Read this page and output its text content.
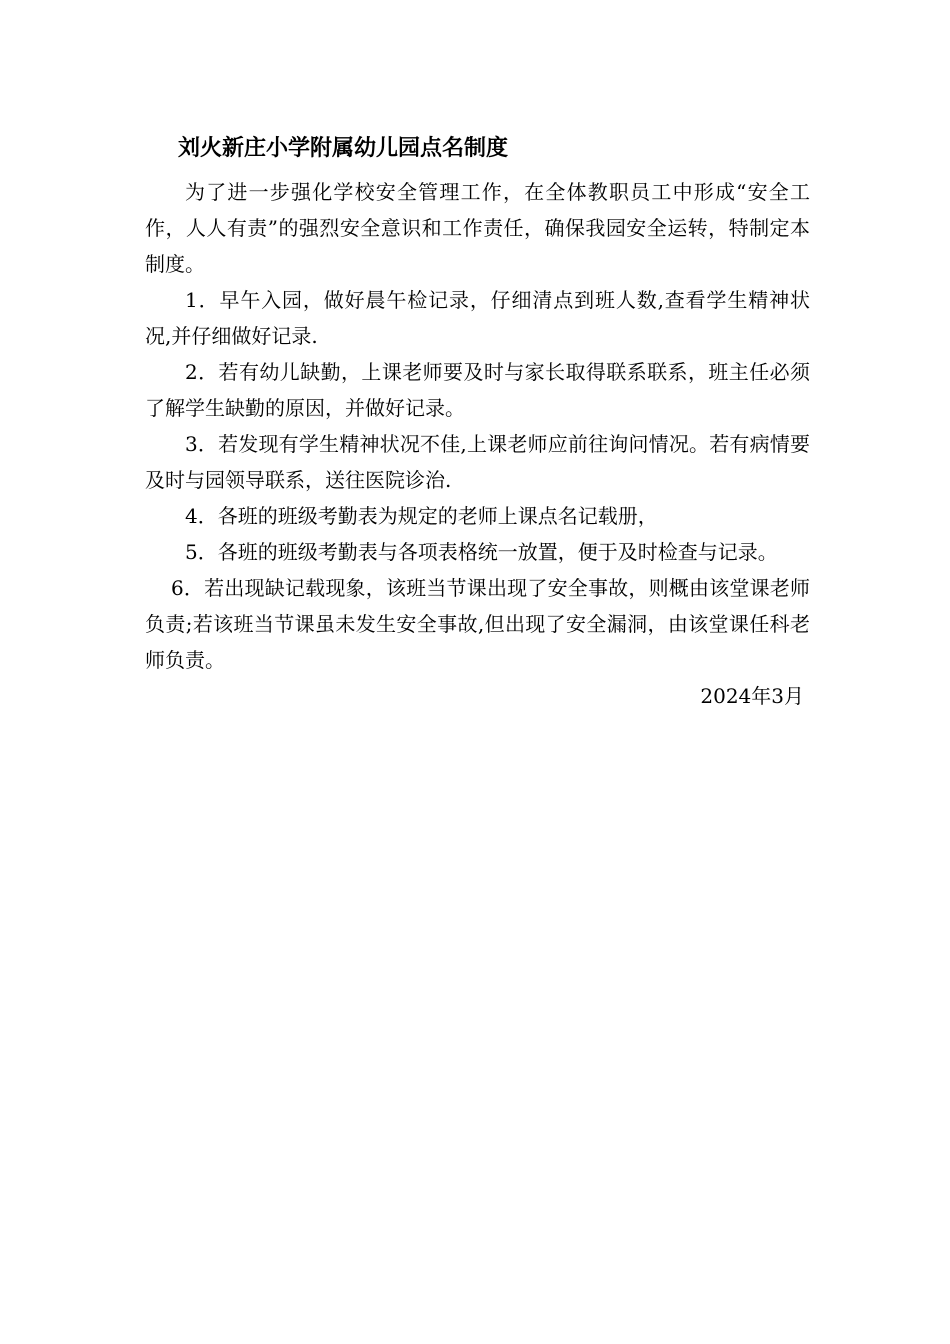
刘火新庄小学附属幼儿园点名制度

为了进一步强化学校安全管理工作，在全体教职员工中形成“安全工作，人人有责”的强烈安全意识和工作责任，确保我园安全运转，特制定本制度。

1．早午入园，做好晨午检记录，仔细清点到班人数,查看学生精神状况,并仔细做好记录.

2．若有幼儿缺勤，上课老师要及时与家长取得联系联系，班主任必须了解学生缺勤的原因，并做好记录。

3．若发现有学生精神状况不佳,上课老师应前往询问情况。若有病情要及时与园领导联系，送往医院诊治.

4．各班的班级考勤表为规定的老师上课点名记载册，

5．各班的班级考勤表与各项表格统一放置，便于及时检查与记录。

6．若出现缺记载现象，该班当节课出现了安全事故，则概由该堂课老师负责;若该班当节课虽未发生安全事故,但出现了安全漏洞，由该堂课任科老师负责。

2024年3月
